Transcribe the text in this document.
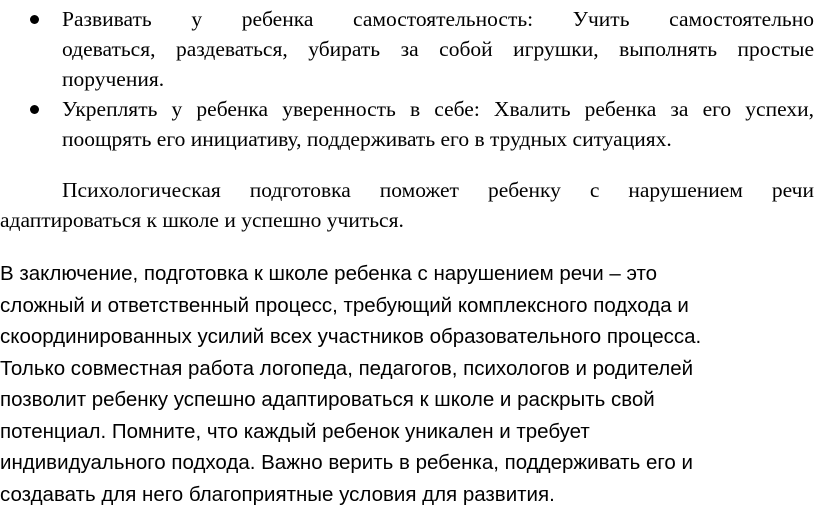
Развивать у ребенка самостоятельность: Учить самостоятельно
одеваться, раздеваться, убирать за собой игрушки, выполнять простые
поручения.
Укреплять у ребенка уверенность в себе: Хвалить ребенка за его успехи,
поощрять его инициативу, поддерживать его в трудных ситуациях.
Психологическая подготовка поможет ребенку с нарушением речи
адаптироваться к школе и успешно учиться.
В заключение, подготовка к школе ребенка с нарушением речи – это
сложный и ответственный процесс, требующий комплексного подхода и
скоординированных усилий всех участников образовательного процесса.
Только совместная работа логопеда, педагогов, психологов и родителей
позволит ребенку успешно адаптироваться к школе и раскрыть свой
потенциал. Помните, что каждый ребенок уникален и требует
индивидуального подхода. Важно верить в ребенка, поддерживать его и
создавать для него благоприятные условия для развития.
